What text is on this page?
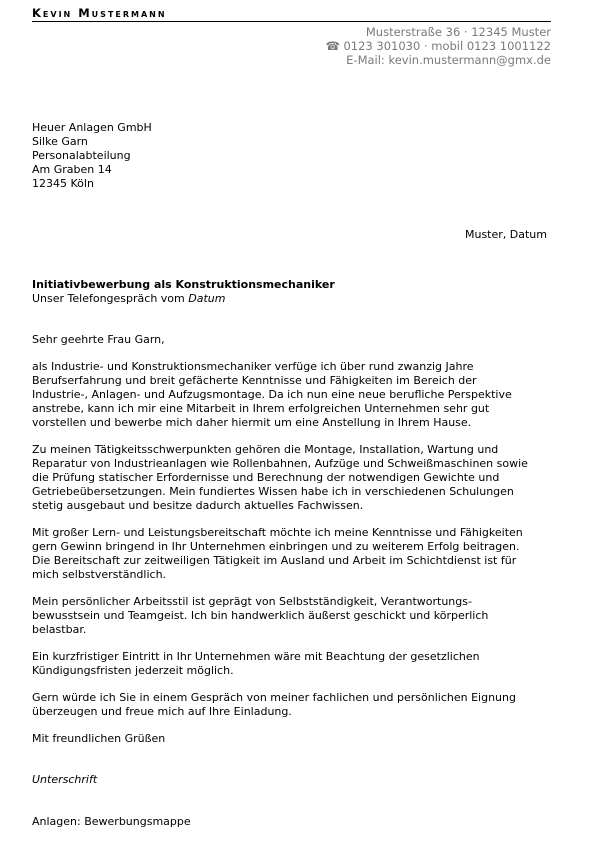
Kevin Mustermann
Musterstraße 36 · 12345 Muster
☎ 0123 301030 · mobil 0123 1001122
E-Mail: kevin.mustermann@gmx.de
Heuer Anlagen GmbH
Silke Garn
Personalabteilung
Am Graben 14
12345 Köln
Muster, Datum
Initiativbewerbung als Konstruktionsmechaniker
Unser Telefongespräch vom Datum
Sehr geehrte Frau Garn,
als Industrie- und Konstruktionsmechaniker verfüge ich über rund zwanzig Jahre
Berufserfahrung und breit gefächerte Kenntnisse und Fähigkeiten im Bereich der
Industrie-, Anlagen- und Aufzugsmontage. Da ich nun eine neue berufliche Perspektive
anstrebe, kann ich mir eine Mitarbeit in Ihrem erfolgreichen Unternehmen sehr gut
vorstellen und bewerbe mich daher hiermit um eine Anstellung in Ihrem Hause.
Zu meinen Tätigkeitsschwerpunkten gehören die Montage, Installation, Wartung und
Reparatur von Industrieanlagen wie Rollenbahnen, Aufzüge und Schweißmaschinen sowie
die Prüfung statischer Erfordernisse und Berechnung der notwendigen Gewichte und
Getriebeübersetzungen. Mein fundiertes Wissen habe ich in verschiedenen Schulungen
stetig ausgebaut und besitze dadurch aktuelles Fachwissen.
Mit großer Lern- und Leistungsbereitschaft möchte ich meine Kenntnisse und Fähigkeiten
gern Gewinn bringend in Ihr Unternehmen einbringen und zu weiterem Erfolg beitragen.
Die Bereitschaft zur zeitweiligen Tätigkeit im Ausland und Arbeit im Schichtdienst ist für
mich selbstverständlich.
Mein persönlicher Arbeitsstil ist geprägt von Selbstständigkeit, Verantwortungs-
bewusstsein und Teamgeist. Ich bin handwerklich äußerst geschickt und körperlich
belastbar.
Ein kurzfristiger Eintritt in Ihr Unternehmen wäre mit Beachtung der gesetzlichen
Kündigungsfristen jederzeit möglich.
Gern würde ich Sie in einem Gespräch von meiner fachlichen und persönlichen Eignung
überzeugen und freue mich auf Ihre Einladung.
Mit freundlichen Grüßen
Unterschrift
Anlagen: Bewerbungsmappe
